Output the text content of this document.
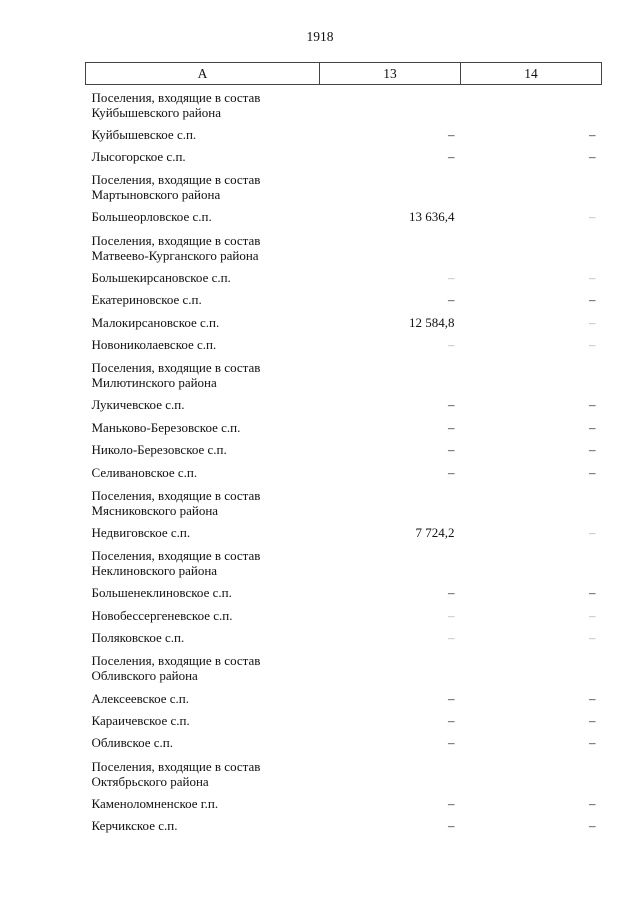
1918
А	13	14
Поселения, входящие в состав Куйбышевского района		
Куйбышевское с.п.	–	–
Лысогорское с.п.	–	–
Поселения, входящие в состав Мартыновского района		
Большеорловское с.п.	13 636,4	–
Поселения, входящие в состав Матвеево-Курганского района		
Большекирсановское с.п.	–	–
Екатериновское с.п.	–	–
Малокирсановское с.п.	12 584,8	–
Новониколаевское с.п.	–	–
Поселения, входящие в состав Милютинского района		
Лукичевское с.п.	–	–
Маньково-Березовское с.п.	–	–
Николо-Березовское с.п.	–	–
Селивановское с.п.	–	–
Поселения, входящие в состав Мясниковского района		
Недвиговское с.п.	7 724,2	–
Поселения, входящие в состав Неклиновского района		
Большенеклиновское с.п.	–	–
Новобессергеневское с.п.	–	–
Поляковское с.п.	–	–
Поселения, входящие в состав Обливского района		
Алексеевское с.п.	–	–
Караичевское с.п.	–	–
Обливское с.п.	–	–
Поселения, входящие в состав Октябрьского района		
Каменоломненское г.п.	–	–
Керчикское с.п.	–	–
